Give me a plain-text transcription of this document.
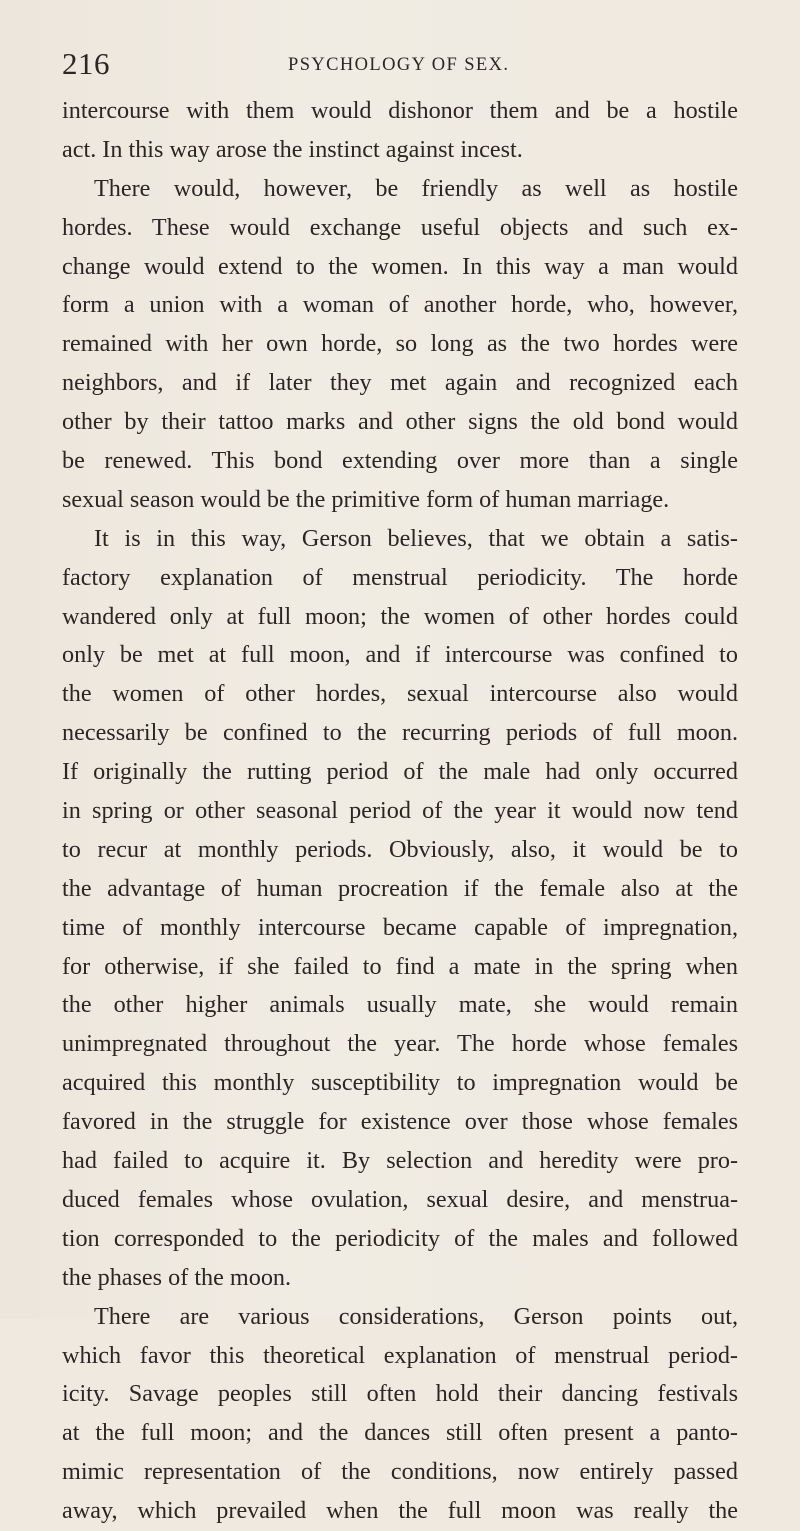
216	PSYCHOLOGY OF SEX.
intercourse with them would dishonor them and be a hostile
act. In this way arose the instinct against incest.
There would, however, be friendly as well as hostile
hordes. These would exchange useful objects and such ex-
change would extend to the women. In this way a man would
form a union with a woman of another horde, who, however,
remained with her own horde, so long as the two hordes were
neighbors, and if later they met again and recognized each
other by their tattoo marks and other signs the old bond would
be renewed. This bond extending over more than a single
sexual season would be the primitive form of human marriage.
It is in this way, Gerson believes, that we obtain a satis-
factory explanation of menstrual periodicity. The horde
wandered only at full moon; the women of other hordes could
only be met at full moon, and if intercourse was confined to
the women of other hordes, sexual intercourse also would
necessarily be confined to the recurring periods of full moon.
If originally the rutting period of the male had only occurred
in spring or other seasonal period of the year it would now tend
to recur at monthly periods. Obviously, also, it would be to
the advantage of human procreation if the female also at the
time of monthly intercourse became capable of impregnation,
for otherwise, if she failed to find a mate in the spring when
the other higher animals usually mate, she would remain
unimpregnated throughout the year. The horde whose females
acquired this monthly susceptibility to impregnation would be
favored in the struggle for existence over those whose females
had failed to acquire it. By selection and heredity were pro-
duced females whose ovulation, sexual desire, and menstrua-
tion corresponded to the periodicity of the males and followed
the phases of the moon.
There are various considerations, Gerson points out,
which favor this theoretical explanation of menstrual period-
icity. Savage peoples still often hold their dancing festivals
at the full moon; and the dances still often present a panto-
mimic representation of the conditions, now entirely passed
away, which prevailed when the full moon was really the
